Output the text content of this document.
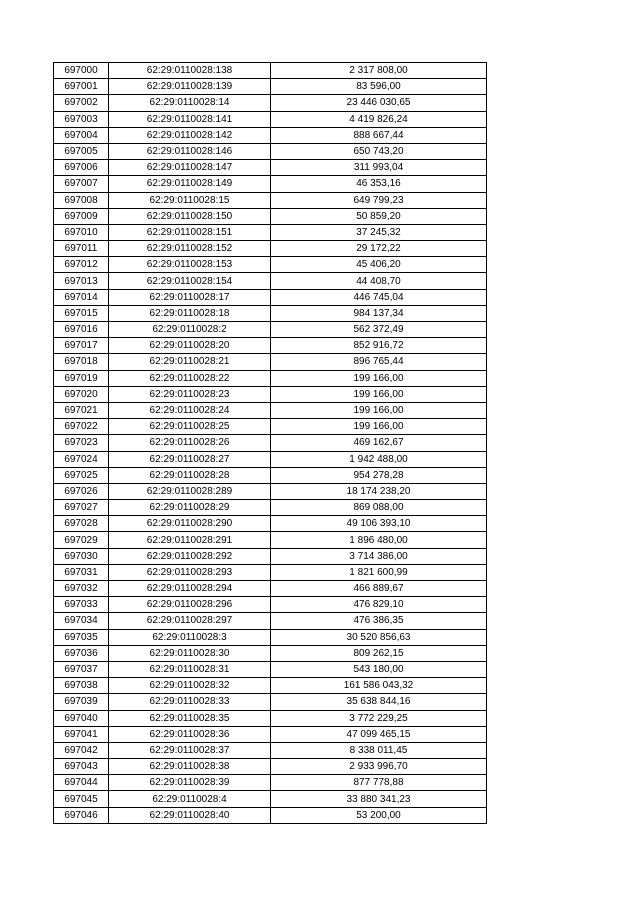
697000	62:29:0110028:138	2 317 808,00
697001	62:29:0110028:139	83 596,00
697002	62:29:0110028:14	23 446 030,65
697003	62:29:0110028:141	4 419 826,24
697004	62:29:0110028:142	888 667,44
697005	62:29:0110028:146	650 743,20
697006	62:29:0110028:147	311 993,04
697007	62:29:0110028:149	46 353,16
697008	62:29:0110028:15	649 799,23
697009	62:29:0110028:150	50 859,20
697010	62:29:0110028:151	37 245,32
697011	62:29:0110028:152	29 172,22
697012	62:29:0110028:153	45 406,20
697013	62:29:0110028:154	44 408,70
697014	62:29:0110028:17	446 745,04
697015	62:29:0110028:18	984 137,34
697016	62:29:0110028:2	562 372,49
697017	62:29:0110028:20	852 916,72
697018	62:29:0110028:21	896 765,44
697019	62:29:0110028:22	199 166,00
697020	62:29:0110028:23	199 166,00
697021	62:29:0110028:24	199 166,00
697022	62:29:0110028:25	199 166,00
697023	62:29:0110028:26	469 162,67
697024	62:29:0110028:27	1 942 488,00
697025	62:29:0110028:28	954 278,28
697026	62:29:0110028:289	18 174 238,20
697027	62:29:0110028:29	869 088,00
697028	62:29:0110028:290	49 106 393,10
697029	62:29:0110028:291	1 896 480,00
697030	62:29:0110028:292	3 714 386,00
697031	62:29:0110028:293	1 821 600,99
697032	62:29:0110028:294	466 889,67
697033	62:29:0110028:296	476 829,10
697034	62:29:0110028:297	476 386,35
697035	62:29:0110028:3	30 520 856,63
697036	62:29:0110028:30	809 262,15
697037	62:29:0110028:31	543 180,00
697038	62:29:0110028:32	161 586 043,32
697039	62:29:0110028:33	35 638 844,16
697040	62:29:0110028:35	3 772 229,25
697041	62:29:0110028:36	47 099 465,15
697042	62:29:0110028:37	8 338 011,45
697043	62:29:0110028:38	2 933 996,70
697044	62:29:0110028:39	877 778,88
697045	62:29:0110028:4	33 880 341,23
697046	62:29:0110028:40	53 200,00
